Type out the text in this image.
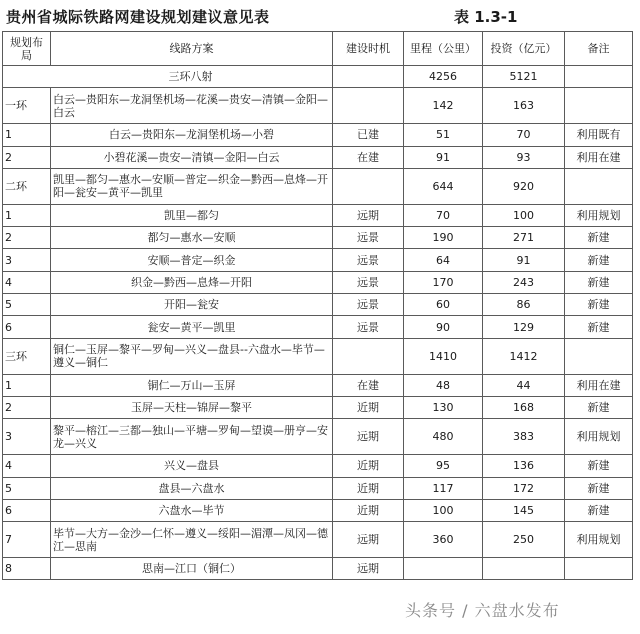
贵州省城际铁路网建设规划建议意见表	表 1.3-1
规划布局	线路方案	建设时机	里程（公里）	投资（亿元）	备注
三环八射			4256	5121	
一环	白云—贵阳东—龙洞堡机场—花溪—贵安—清镇—金阳—白云		142	163	
1	白云—贵阳东—龙洞堡机场—小碧	已建	51	70	利用既有
2	小碧花溪—贵安—清镇—金阳—白云	在建	91	93	利用在建
二环	凯里—都匀—惠水—安顺—普定—织金—黔西—息烽—开阳—瓮安—黄平—凯里		644	920	
1	凯里—都匀	远期	70	100	利用规划
2	都匀—惠水—安顺	远景	190	271	新建
3	安顺—普定—织金	远景	64	91	新建
4	织金—黔西—息烽—开阳	远景	170	243	新建
5	开阳—瓮安	远景	60	86	新建
6	瓮安—黄平—凯里	远景	90	129	新建
三环	铜仁—玉屏—黎平—罗甸—兴义—盘县--六盘水—毕节—遵义—铜仁		1410	1412	
1	铜仁—万山—玉屏	在建	48	44	利用在建
2	玉屏—天柱—锦屏—黎平	近期	130	168	新建
3	黎平—榕江—三都—独山—平塘—罗甸—望谟—册亨—安龙—兴义	远期	480	383	利用规划
4	兴义—盘县	近期	95	136	新建
5	盘县—六盘水	近期	117	172	新建
6	六盘水—毕节	近期	100	145	新建
7	毕节—大方—金沙—仁怀—遵义—绥阳—湄潭—凤冈—德江—思南	远期	360	250	利用规划
8	思南—江口（铜仁）	远期			
头条号 / 六盘水发布
